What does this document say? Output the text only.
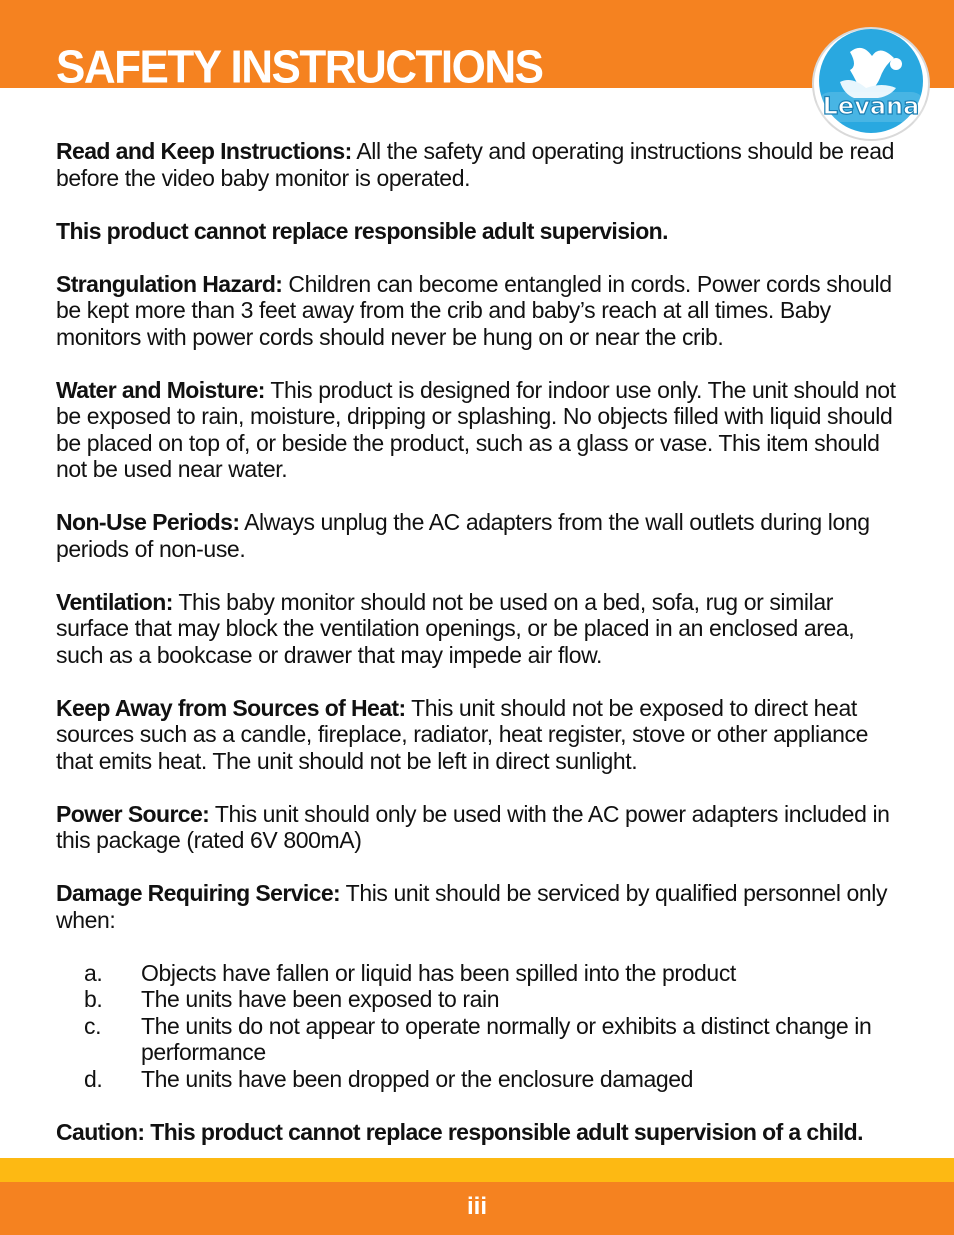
SAFETY INSTRUCTIONS
Levana

Read and Keep Instructions: All the safety and operating instructions should be read before the video baby monitor is operated.

This product cannot replace responsible adult supervision.

Strangulation Hazard: Children can become entangled in cords. Power cords should be kept more than 3 feet away from the crib and baby’s reach at all times. Baby monitors with power cords should never be hung on or near the crib.

Water and Moisture: This product is designed for indoor use only. The unit should not be exposed to rain, moisture, dripping or splashing. No objects filled with liquid should be placed on top of, or beside the product, such as a glass or vase. This item should not be used near water.

Non-Use Periods: Always unplug the AC adapters from the wall outlets during long periods of non-use.

Ventilation: This baby monitor should not be used on a bed, sofa, rug or similar surface that may block the ventilation openings, or be placed in an enclosed area, such as a bookcase or drawer that may impede air flow.

Keep Away from Sources of Heat: This unit should not be exposed to direct heat sources such as a candle, fireplace, radiator, heat register, stove or other appliance that emits heat. The unit should not be left in direct sunlight.

Power Source: This unit should only be used with the AC power adapters included in this package (rated 6V 800mA)

Damage Requiring Service: This unit should be serviced by qualified personnel only when:

a. Objects have fallen or liquid has been spilled into the product
b. The units have been exposed to rain
c. The units do not appear to operate normally or exhibits a distinct change in performance
d. The units have been dropped or the enclosure damaged

Caution: This product cannot replace responsible adult supervision of a child.

iii
